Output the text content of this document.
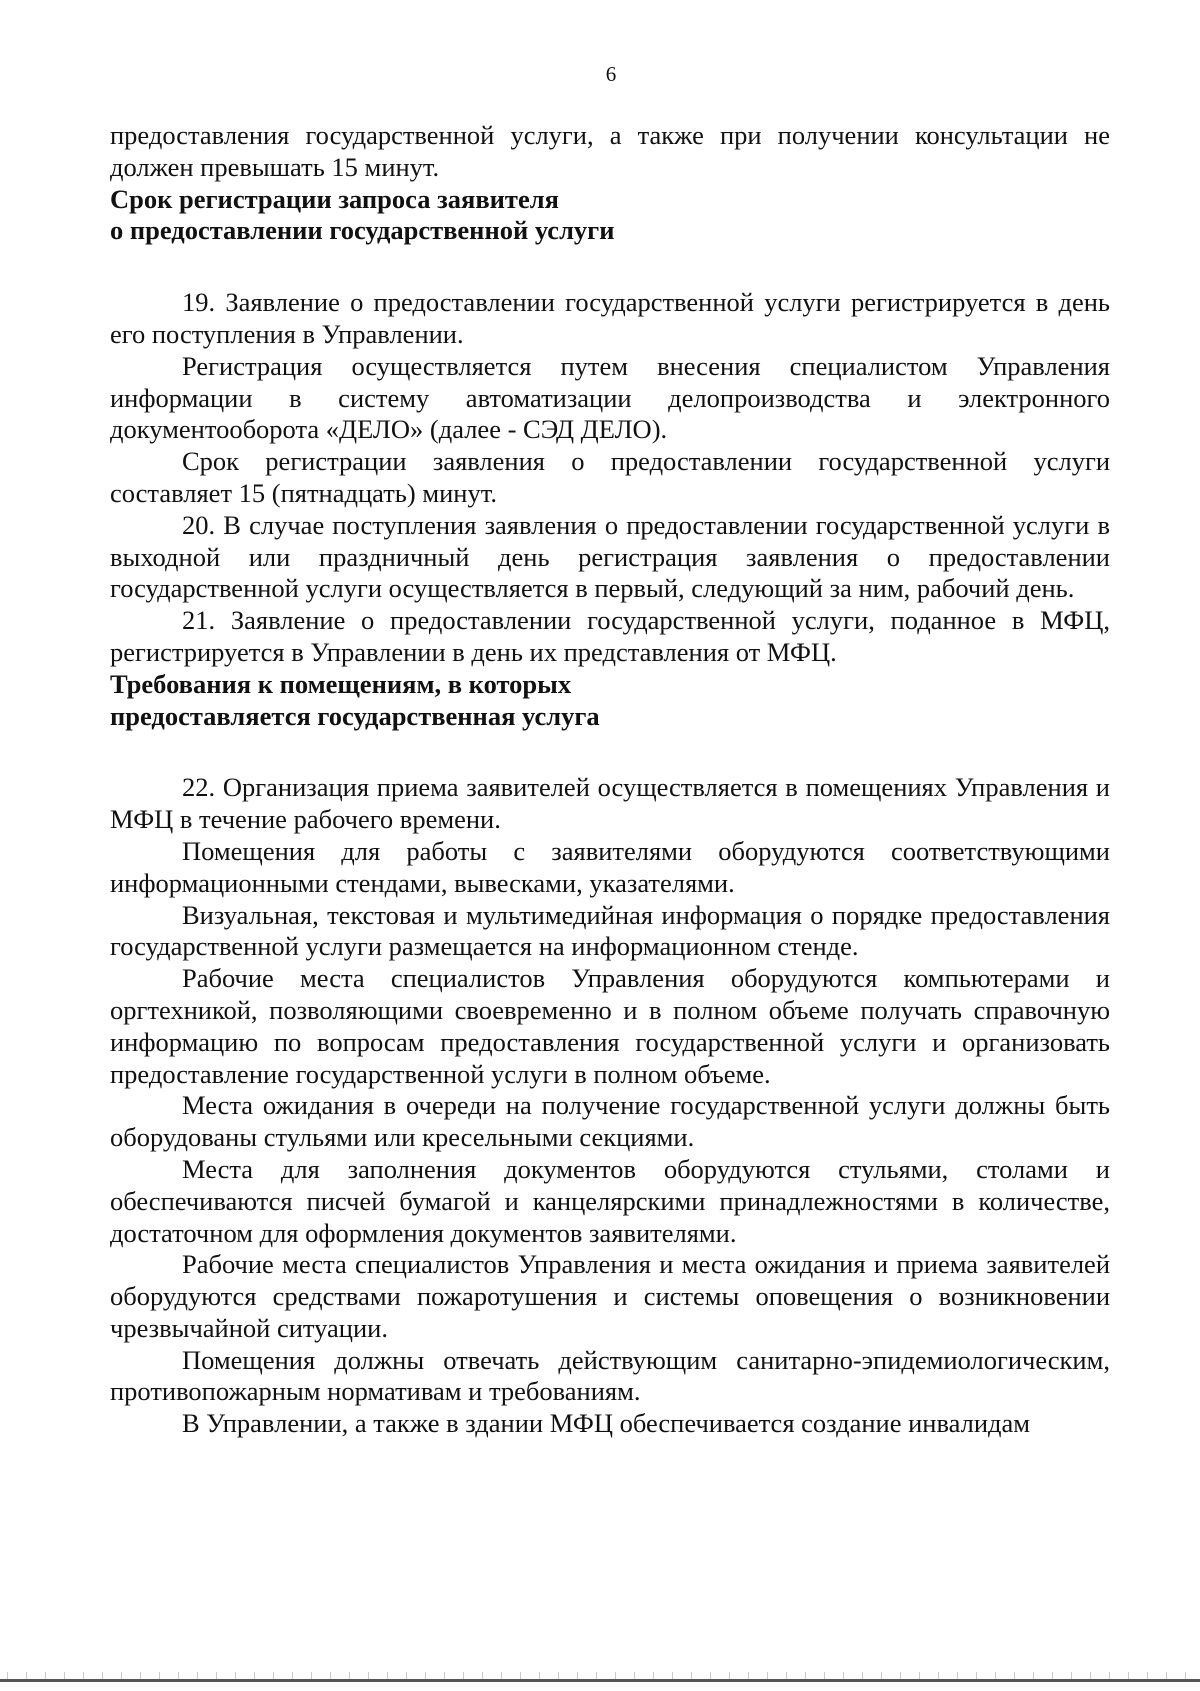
6

предоставления государственной услуги, а также при получении консультации не должен превышать 15 минут.

Срок регистрации запроса заявителя

о предоставлении государственной услуги

19. Заявление о предоставлении государственной услуги регистрируется в день его поступления в Управлении.

Регистрация осуществляется путем внесения специалистом Управления информации в систему автоматизации делопроизводства и электронного документооборота «ДЕЛО» (далее - СЭД ДЕЛО).

Срок регистрации заявления о предоставлении государственной услуги составляет 15 (пятнадцать) минут.

20. В случае поступления заявления о предоставлении государственной услуги в выходной или праздничный день регистрация заявления о предоставлении государственной услуги осуществляется в первый, следующий за ним, рабочий день.

21. Заявление о предоставлении государственной услуги, поданное в МФЦ, регистрируется в Управлении в день их представления от МФЦ.

Требования к помещениям, в которых

предоставляется государственная услуга

22. Организация приема заявителей осуществляется в помещениях Управления и МФЦ в течение рабочего времени.

Помещения для работы с заявителями оборудуются соответствующими информационными стендами, вывесками, указателями.

Визуальная, текстовая и мультимедийная информация о порядке предоставления государственной услуги размещается на информационном стенде.

Рабочие места специалистов Управления оборудуются компьютерами и оргтехникой, позволяющими своевременно и в полном объеме получать справочную информацию по вопросам предоставления государственной услуги и организовать предоставление государственной услуги в полном объеме.

Места ожидания в очереди на получение государственной услуги должны быть оборудованы стульями или кресельными секциями.

Места для заполнения документов оборудуются стульями, столами и обеспечиваются писчей бумагой и канцелярскими принадлежностями в количестве, достаточном для оформления документов заявителями.

Рабочие места специалистов Управления и места ожидания и приема заявителей оборудуются средствами пожаротушения и системы оповещения о возникновении чрезвычайной ситуации.

Помещения должны отвечать действующим санитарно-эпидемиологическим, противопожарным нормативам и требованиям.

В Управлении, а также в здании МФЦ обеспечивается создание инвалидам
